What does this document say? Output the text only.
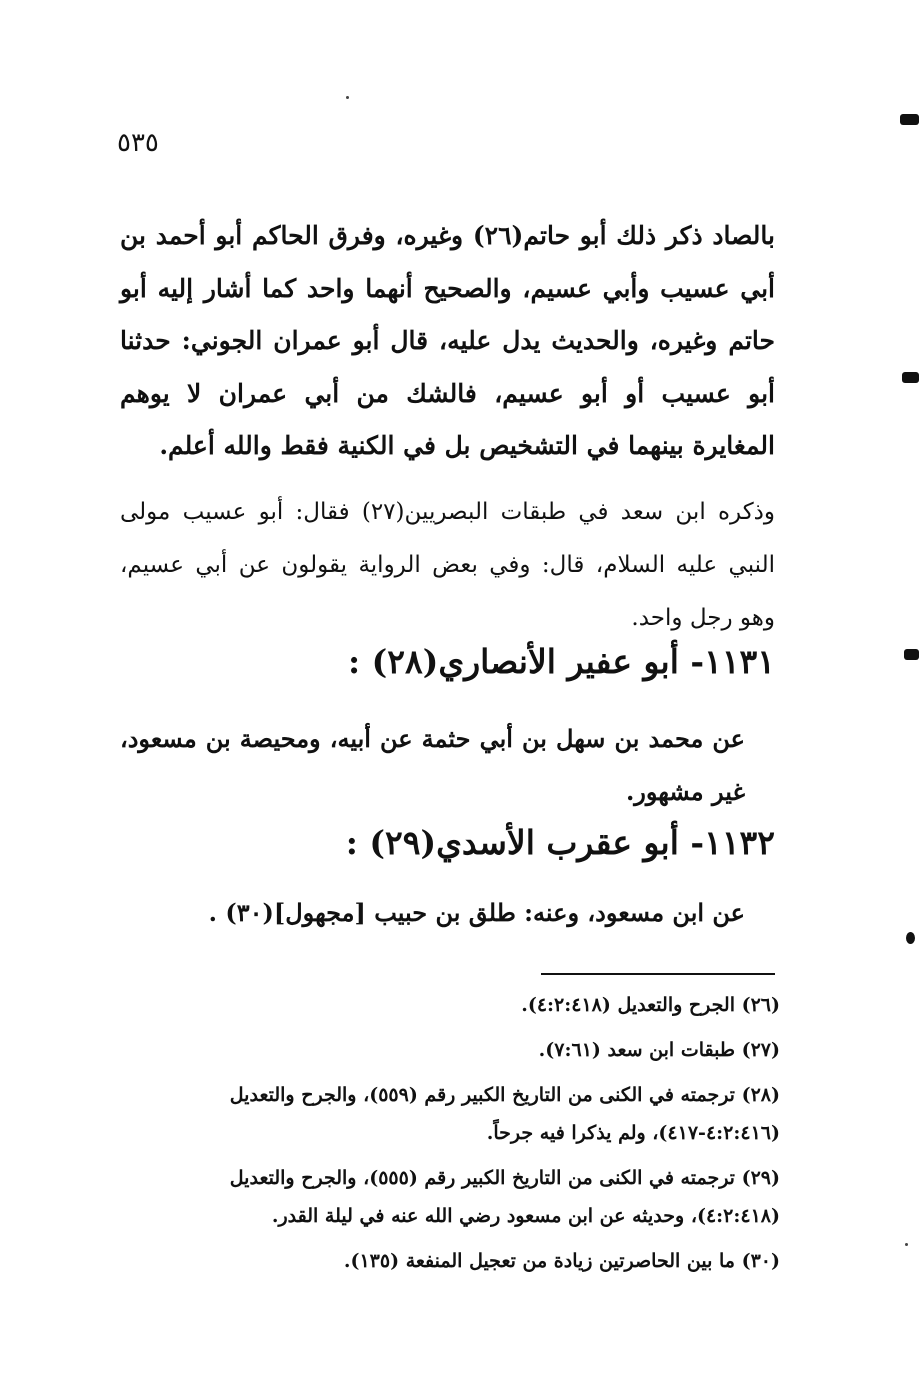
٥٣٥
بالصاد ذكر ذلك أبو حاتم(٢٦) وغيره، وفرق الحاكم أبو أحمد بن أبي عسيب وأبي عسيم، والصحيح أنهما واحد كما أشار إليه أبو حاتم وغيره، والحديث يدل عليه، قال أبو عمران الجوني: حدثنا أبو عسيب أو أبو عسيم، فالشك من أبي عمران لا يوهم المغايرة بينهما في التشخيص بل في الكنية فقط والله أعلم.
وذكره ابن سعد في طبقات البصريين(٢٧) فقال: أبو عسيب مولى النبي عليه السلام، قال: وفي بعض الرواية يقولون عن أبي عسيم، وهو رجل واحد.
١١٣١- أبو عفير الأنصاري(٢٨) :
عن محمد بن سهل بن أبي حثمة عن أبيه، ومحيصة بن مسعود، غير مشهور.
١١٣٢- أبو عقرب الأسدي(٢٩) :
عن ابن مسعود، وعنه: طلق بن حبيب [مجهول](٣٠) .
(٢٦) الجرح والتعديل (٤:٢:٤١٨).
(٢٧) طبقات ابن سعد (٧:٦١).
(٢٨) ترجمته في الكنى من التاريخ الكبير رقم (٥٥٩)، والجرح والتعديل
(٤:٢:٤١٦-٤١٧)، ولم يذكرا فيه جرحاً.
(٢٩) ترجمته في الكنى من التاريخ الكبير رقم (٥٥٥)، والجرح والتعديل
(٤:٢:٤١٨)، وحديثه عن ابن مسعود رضي الله عنه في ليلة القدر.
(٣٠) ما بين الحاصرتين زيادة من تعجيل المنفعة (١٣٥).
